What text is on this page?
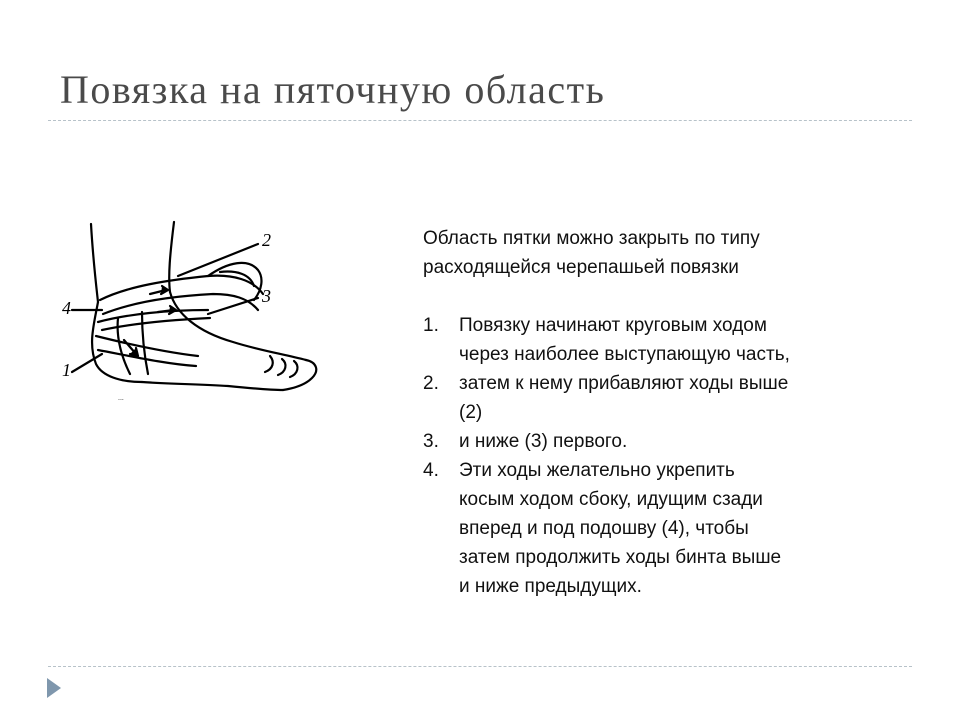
Повязка на пяточную область
2
3
4
1
...

Область пятки можно закрыть по типу

расходящейся черепашьей повязки

1. Повязку начинают круговым ходом
через наиболее выступающую часть,
2. затем к нему прибавляют ходы выше
(2)
3. и ниже (3) первого.
4. Эти ходы желательно укрепить
косым ходом сбоку, идущим сзади
вперед и под подошву (4), чтобы
затем продолжить ходы бинта выше
и ниже предыдущих.
